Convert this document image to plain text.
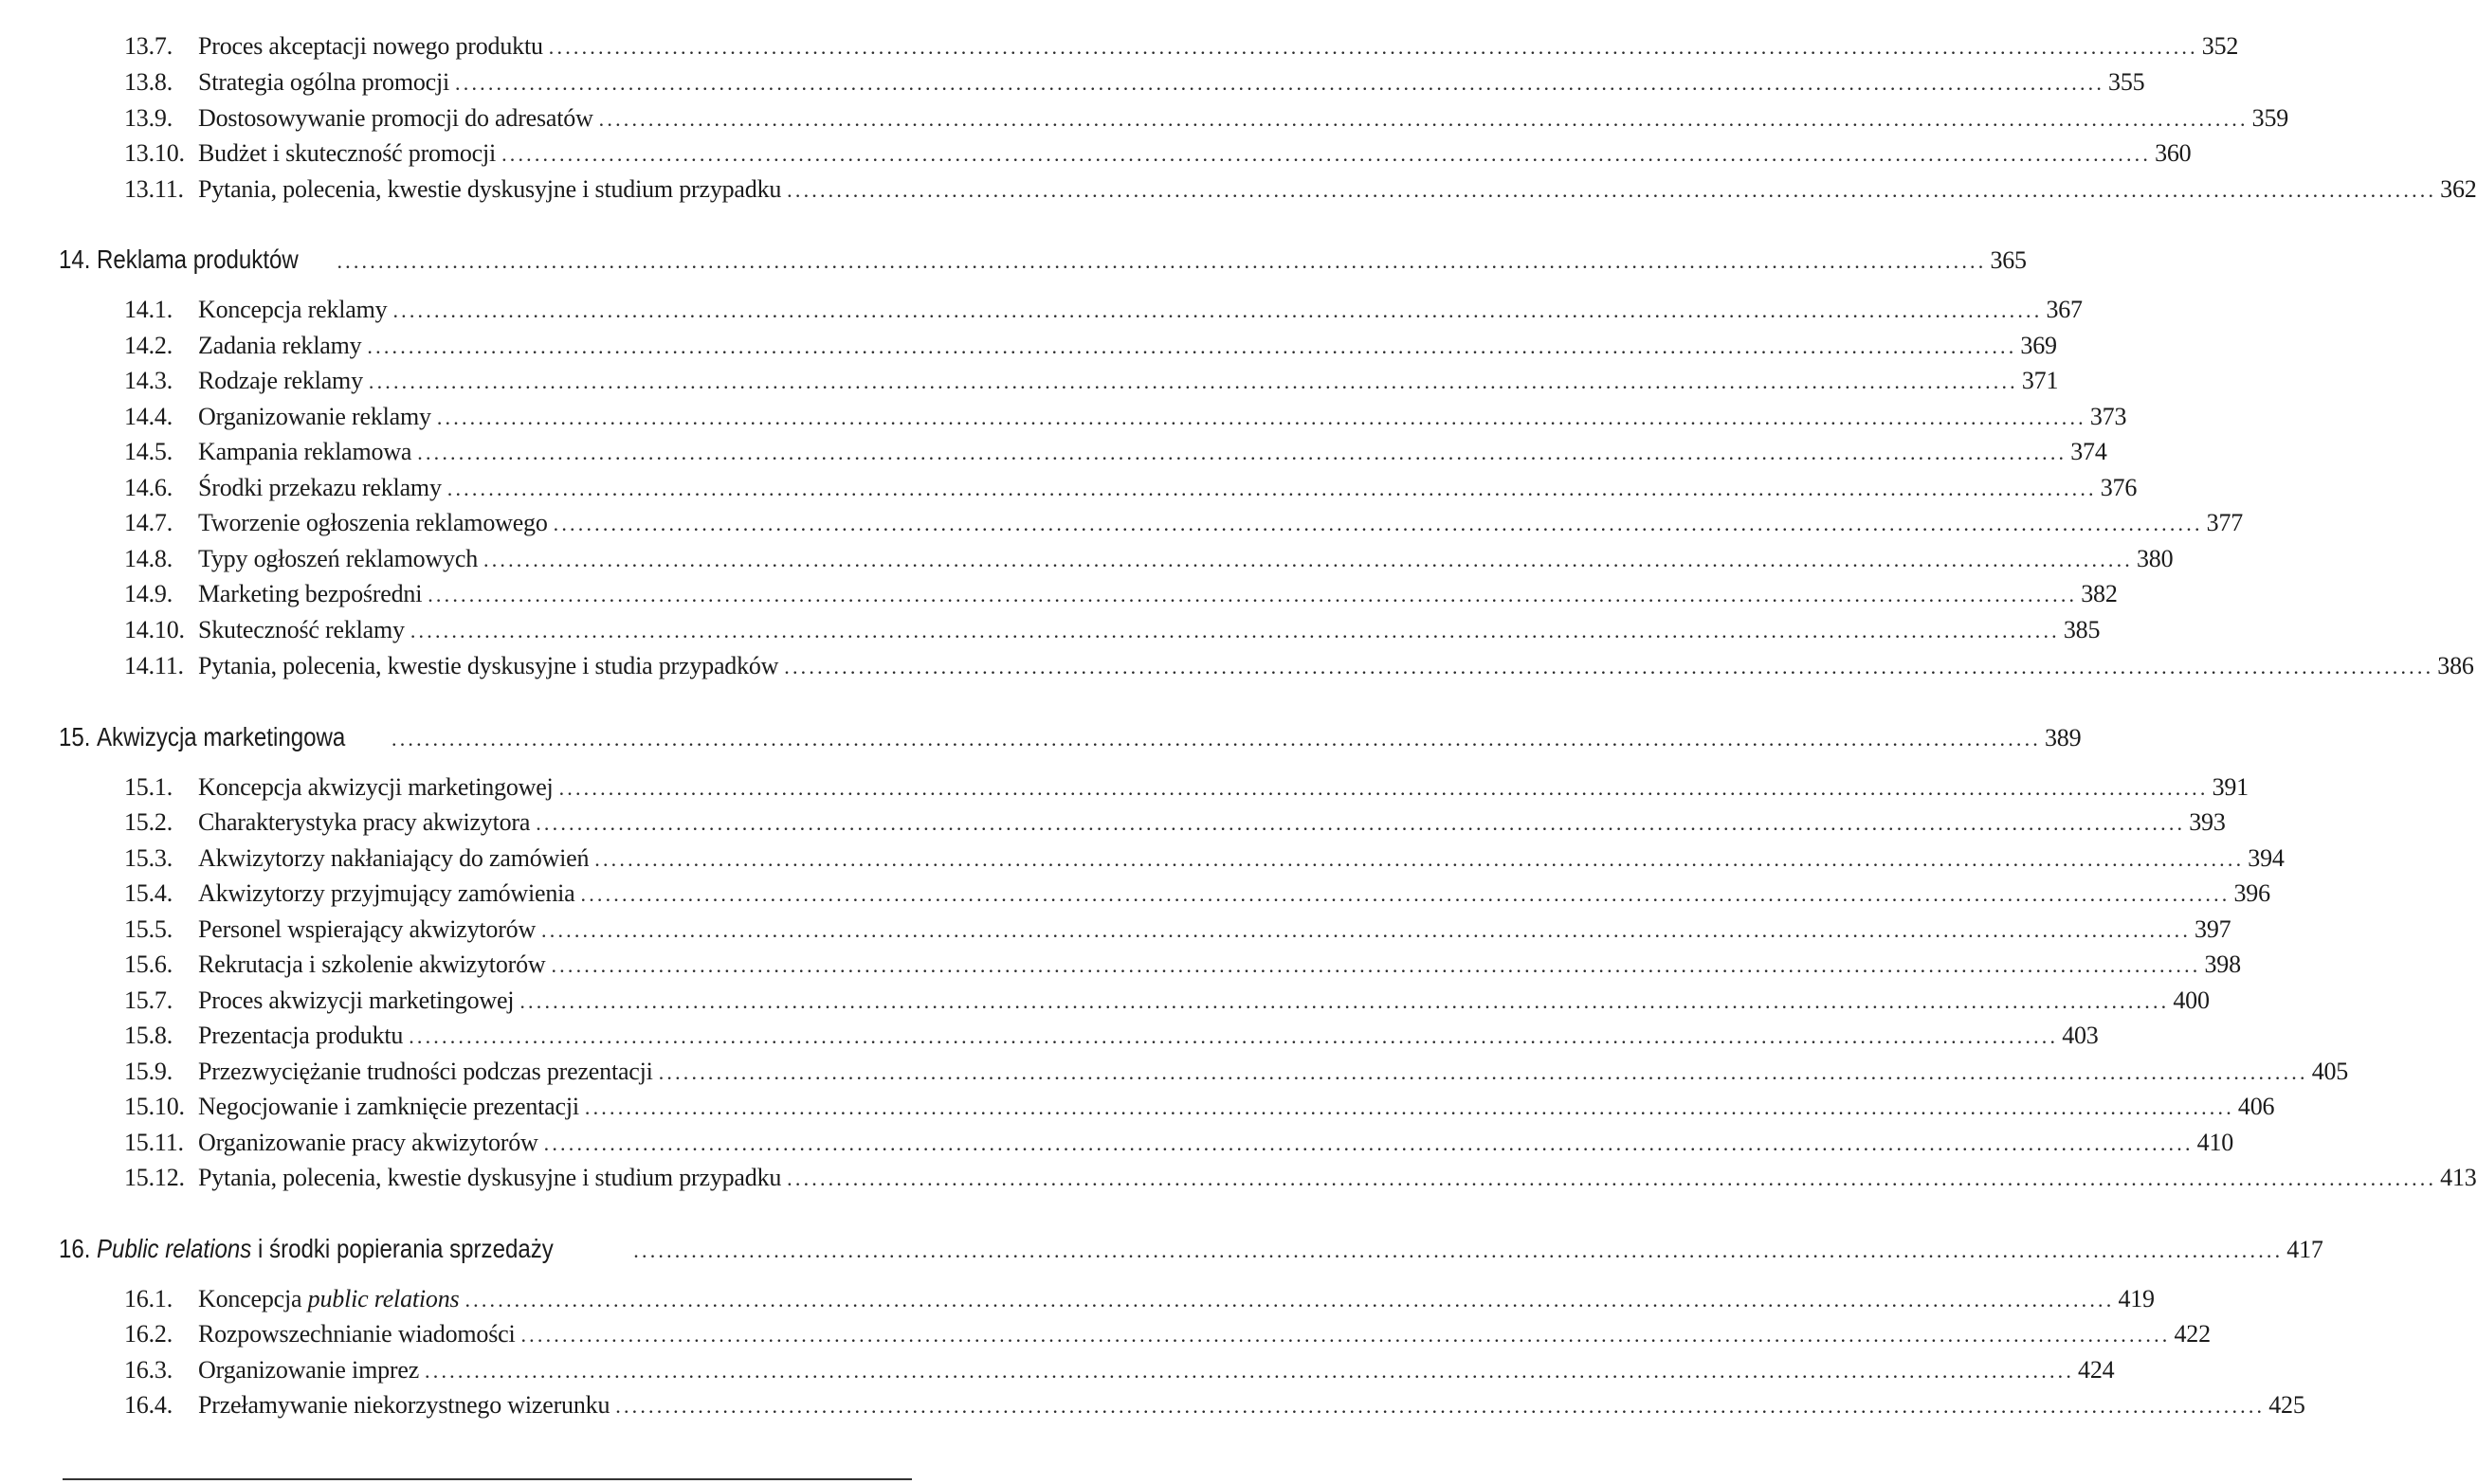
13.7.	Proces akceptacji nowego produktu ........................................................................................................................................................................................................ 352
13.8.	Strategia ogólna promocji ........................................................................................................................................................................................................ 355
13.9.	Dostosowywanie promocji do adresatów ........................................................................................................................................................................................................ 359
13.10. Budżet i skuteczność promocji ........................................................................................................................................................................................................ 360
13.11. Pytania, polecenia, kwestie dyskusyjne i studium przypadku ........................................................................................................................................................................................................ 362
14. Reklama produktów ........................................................................................................................................................................................................ 365
14.1.	Koncepcja reklamy ........................................................................................................................................................................................................ 367
14.2.	Zadania reklamy ........................................................................................................................................................................................................ 369
14.3.	Rodzaje reklamy ........................................................................................................................................................................................................ 371
14.4.	Organizowanie reklamy ........................................................................................................................................................................................................ 373
14.5.	Kampania reklamowa ........................................................................................................................................................................................................ 374
14.6.	Środki przekazu reklamy ........................................................................................................................................................................................................ 376
14.7.	Tworzenie ogłoszenia reklamowego ........................................................................................................................................................................................................ 377
14.8.	Typy ogłoszeń reklamowych ........................................................................................................................................................................................................ 380
14.9.	Marketing bezpośredni ........................................................................................................................................................................................................ 382
14.10. Skuteczność reklamy ........................................................................................................................................................................................................ 385
14.11. Pytania, polecenia, kwestie dyskusyjne i studia przypadków ........................................................................................................................................................................................................ 386
15. Akwizycja marketingowa ........................................................................................................................................................................................................ 389
15.1.	Koncepcja akwizycji marketingowej ........................................................................................................................................................................................................ 391
15.2.	Charakterystyka pracy akwizytora ........................................................................................................................................................................................................ 393
15.3.	Akwizytorzy nakłaniający do zamówień ........................................................................................................................................................................................................ 394
15.4.	Akwizytorzy przyjmujący zamówienia ........................................................................................................................................................................................................ 396
15.5.	Personel wspierający akwizytorów ........................................................................................................................................................................................................ 397
15.6.	Rekrutacja i szkolenie akwizytorów ........................................................................................................................................................................................................ 398
15.7.	Proces akwizycji marketingowej ........................................................................................................................................................................................................ 400
15.8.	Prezentacja produktu ........................................................................................................................................................................................................ 403
15.9.	Przezwyciężanie trudności podczas prezentacji ........................................................................................................................................................................................................ 405
15.10. Negocjowanie i zamknięcie prezentacji ........................................................................................................................................................................................................ 406
15.11. Organizowanie pracy akwizytorów ........................................................................................................................................................................................................ 410
15.12. Pytania, polecenia, kwestie dyskusyjne i studium przypadku ........................................................................................................................................................................................................ 413
16. Public relations i środki popierania sprzedaży	........................................................................................................................................................................................................ 417
16.1.	Koncepcja public relations ........................................................................................................................................................................................................ 419
16.2.	Rozpowszechnianie wiadomości ........................................................................................................................................................................................................ 422
16.3.	Organizowanie imprez ........................................................................................................................................................................................................ 424
16.4.	Przełamywanie niekorzystnego wizerunku ........................................................................................................................................................................................................ 425
